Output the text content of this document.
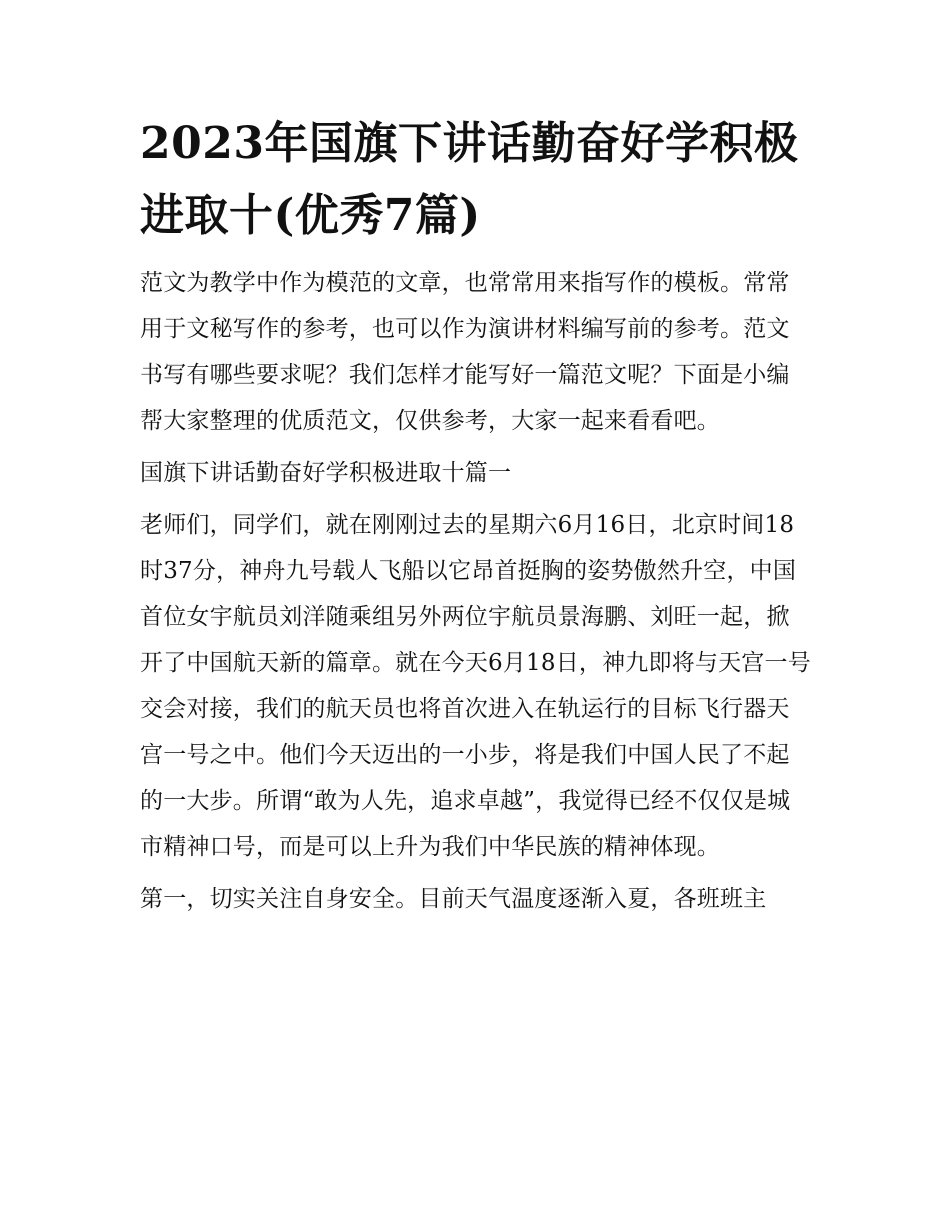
2023年国旗下讲话勤奋好学积极进取十(优秀7篇)

范文为教学中作为模范的文章，也常常用来指写作的模板。常常用于文秘写作的参考，也可以作为演讲材料编写前的参考。范文书写有哪些要求呢？我们怎样才能写好一篇范文呢？下面是小编帮大家整理的优质范文，仅供参考，大家一起来看看吧。

国旗下讲话勤奋好学积极进取十篇一

老师们，同学们，就在刚刚过去的星期六6月16日，北京时间18时37分，神舟九号载人飞船以它昂首挺胸的姿势傲然升空，中国首位女宇航员刘洋随乘组另外两位宇航员景海鹏、刘旺一起，掀开了中国航天新的篇章。就在今天6月18日，神九即将与天宫一号交会对接，我们的航天员也将首次进入在轨运行的目标飞行器天宫一号之中。他们今天迈出的一小步，将是我们中国人民了不起的一大步。所谓“敢为人先，追求卓越”，我觉得已经不仅仅是城市精神口号，而是可以上升为我们中华民族的精神体现。

第一，切实关注自身安全。目前天气温度逐渐入夏，各班班主
